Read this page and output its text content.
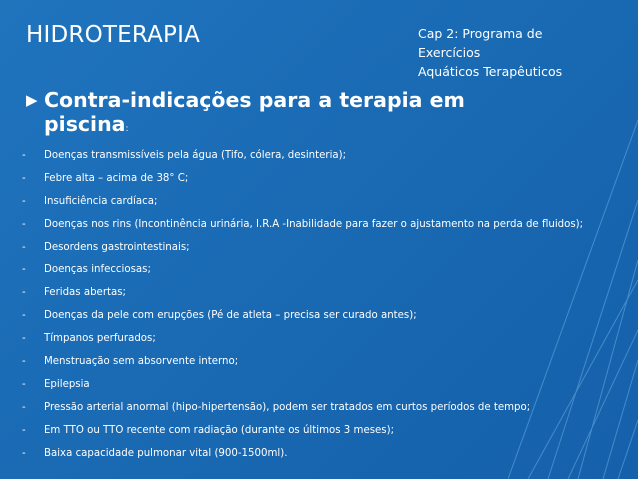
HIDROTERAPIA	Cap 2: Programa de
Exercícios
Aquáticos Terapêuticos
▶ Contra-indicações para a terapia em
piscina:
-	Doenças transmissíveis pela água (Tifo, cólera, desinteria);
-	Febre alta – acima de 38° C;
-	Insuficiência cardíaca;
-	Doenças nos rins (Incontinência urinária, I.R.A -Inabilidade para fazer o ajustamento na perda de fluidos);
-	Desordens gastrointestinais;
-	Doenças infecciosas;
-	Feridas abertas;
-	Doenças da pele com erupções (Pé de atleta – precisa ser curado antes);
-	Tímpanos perfurados;
-	Menstruação sem absorvente interno;
-	Epilepsia
-	Pressão arterial anormal (hipo-hipertensão), podem ser tratados em curtos períodos de tempo;
-	Em TTO ou TTO recente com radiação (durante os últimos 3 meses);
-	Baixa capacidade pulmonar vital (900-1500ml).
